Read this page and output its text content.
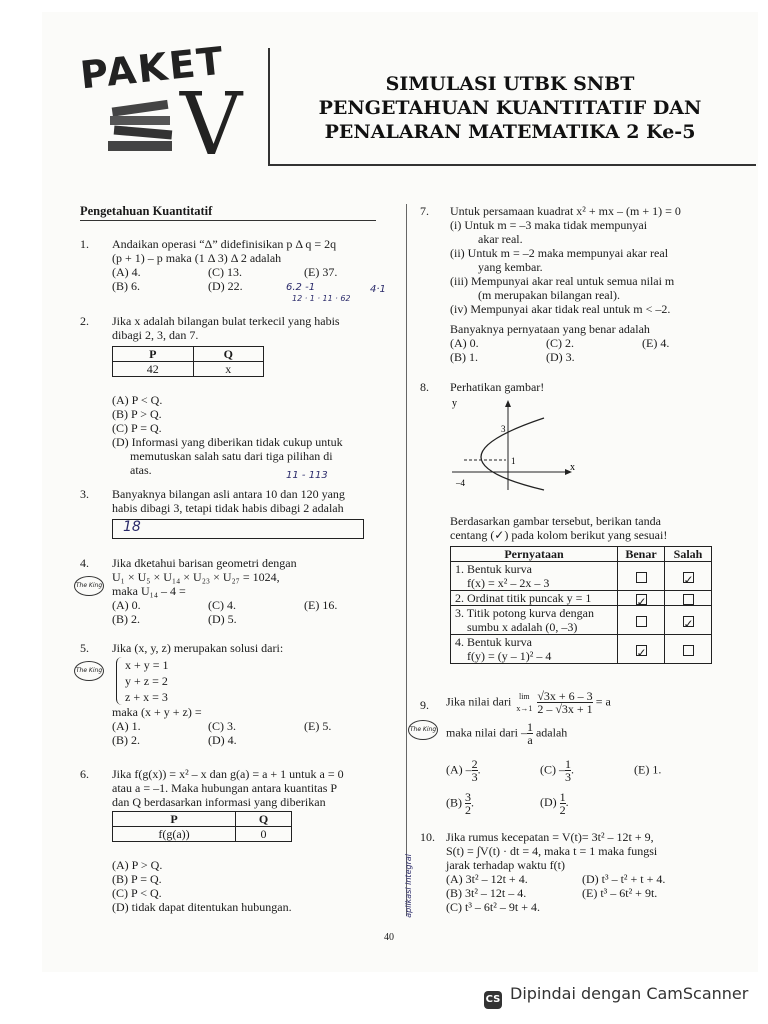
PAKET
V	SIMULASI UTBK SNBT
PENGETAHUAN KUANTITATIF DAN
PENALARAN MATEMATIKA 2 Ke-5
Pengetahuan Kuantitatif
1.	Andaikan operasi “Δ” didefinisikan p Δ q = 2q
(p + 1) – p maka (1 Δ 3) Δ 2 adalah
(A) 4.	(C) 13.	(E) 37.
(B) 6.	(D) 22.	6.2 -1
12 · 1 · 11 · 62
4·1
2.	Jika x adalah bilangan bulat terkecil yang habis
dibagi 2, 3, dan 7.
P	Q
42	x
(A) P < Q.
(B) P > Q.
(C) P = Q.
(D) Informasi yang diberikan tidak cukup untuk
memutuskan salah satu dari tiga pilihan di
atas.	11 - 113
3.	Banyaknya bilangan asli antara 10 dan 120 yang
habis dibagi 3, tetapi tidak habis dibagi 2 adalah
18
4.	Jika dketahui barisan geometri dengan
U₁ × U₅ × U₁₄ × U₂₃ × U₂₇ = 1024,
maka U₁₄ – 4 =
(A) 0.	(C) 4.	(E) 16.
(B) 2.	(D) 5.
The King
5.	Jika (x, y, z) merupakan solusi dari:
x + y = 1
y + z = 2
z + x = 3
maka (x + y + z) =
(A) 1.	(C) 3.	(E) 5.
(B) 2.	(D) 4.
The King
6.	Jika f(g(x)) = x² – x dan g(a) = a + 1 untuk a = 0
atau a = –1. Maka hubungan antara kuantitas P
dan Q berdasarkan informasi yang diberikan
P	Q
f(g(a))	0
(A) P > Q.
(B) P = Q.
(C) P < Q.
(D) tidak dapat ditentukan hubungan.
7.	Untuk persamaan kuadrat x² + mx – (m + 1) = 0
(i) Untuk m = –3 maka tidak mempunyai
akar real.
(ii) Untuk m = –2 maka mempunyai akar real
yang kembar.
(iii) Mempunyai akar real untuk semua nilai m
(m merupakan bilangan real).
(iv) Mempunyai akar tidak real untuk m < –2.
Banyaknya pernyataan yang benar adalah
(A) 0.	(C) 2.	(E) 4.
(B) 1.	(D) 3.
8.	Perhatikan gambar!
y
x
3
1
–4
Berdasarkan gambar tersebut, berikan tanda
centang (✓) pada kolom berikut yang sesuai!
Pernyataan	Benar	Salah

1. Bentuk kurva
f(x) = x² – 2x – 3		✓
2. Ordinat titik puncak y = 1	✓	

3. Titik potong kurva dengan
sumbu x adalah (0, –3)		✓

4. Bentuk kurva
f(y) = (y – 1)² – 4	✓	
9.	Jika nilai dari lim
x→1
$\frac{√3x + 6 - 3}{2 - √3x + 1} = a$
maka nilai dari – $\frac{1}{a}$ adalah
$(A) - \frac{2}{3}$ .	$(C) - \frac{1}{3}$ .	(E) 1.
$(B) \frac{3}{2}$ .	$(D) \frac{1}{2}$ .
The King
10. Jika rumus kecepatan = V(t)= 3t² – 12t + 9,
S(t) = ∫V(t) · dt = 4, maka t = 1 maka fungsi
jarak terhadap waktu f(t)
(A) 3t² – 12t + 4.	(D) t³ – t² + t + 4.
(B) 3t² – 12t – 4.	(E) t³ – 6t² + 9t.
(C) t³ – 6t² – 9t + 4.
aplikasi integral
40
CS Dipindai dengan CamScanner
